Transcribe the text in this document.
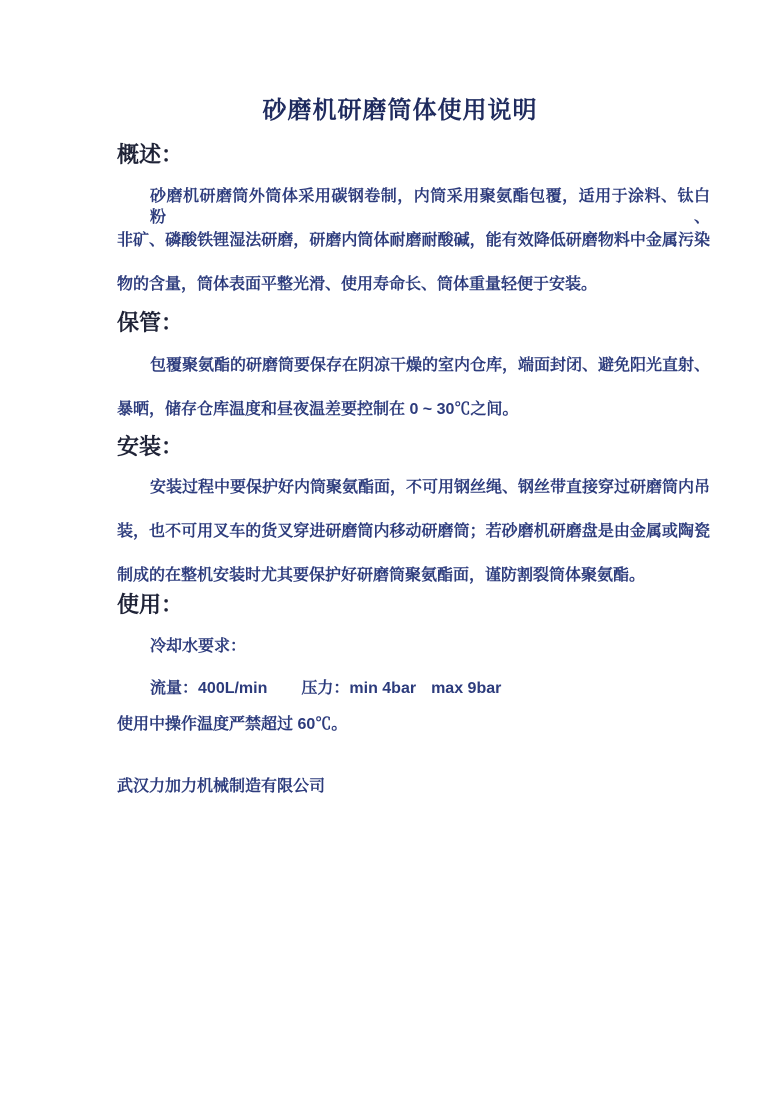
砂磨机研磨筒体使用说明
概述：
砂磨机研磨筒外筒体采用碳钢卷制，内筒采用聚氨酯包覆，适用于涂料、钛白粉、
非矿、磷酸铁锂湿法研磨，研磨内筒体耐磨耐酸碱，能有效降低研磨物料中金属污染
物的含量，筒体表面平整光滑、使用寿命长、筒体重量轻便于安装。
保管：
包覆聚氨酯的研磨筒要保存在阴凉干燥的室内仓库，端面封闭、避免阳光直射、
暴晒，储存仓库温度和昼夜温差要控制在 0 ~ 30℃之间。
安装：
安装过程中要保护好内筒聚氨酯面，不可用钢丝绳、钢丝带直接穿过研磨筒内吊
装，也不可用叉车的货叉穿进研磨筒内移动研磨筒；若砂磨机研磨盘是由金属或陶瓷
制成的在整机安装时尤其要保护好研磨筒聚氨酯面，谨防割裂筒体聚氨酯。
使用：
冷却水要求：
流量：400L/min 压力：min 4bar max 9bar
使用中操作温度严禁超过 60℃。
武汉力加力机械制造有限公司
